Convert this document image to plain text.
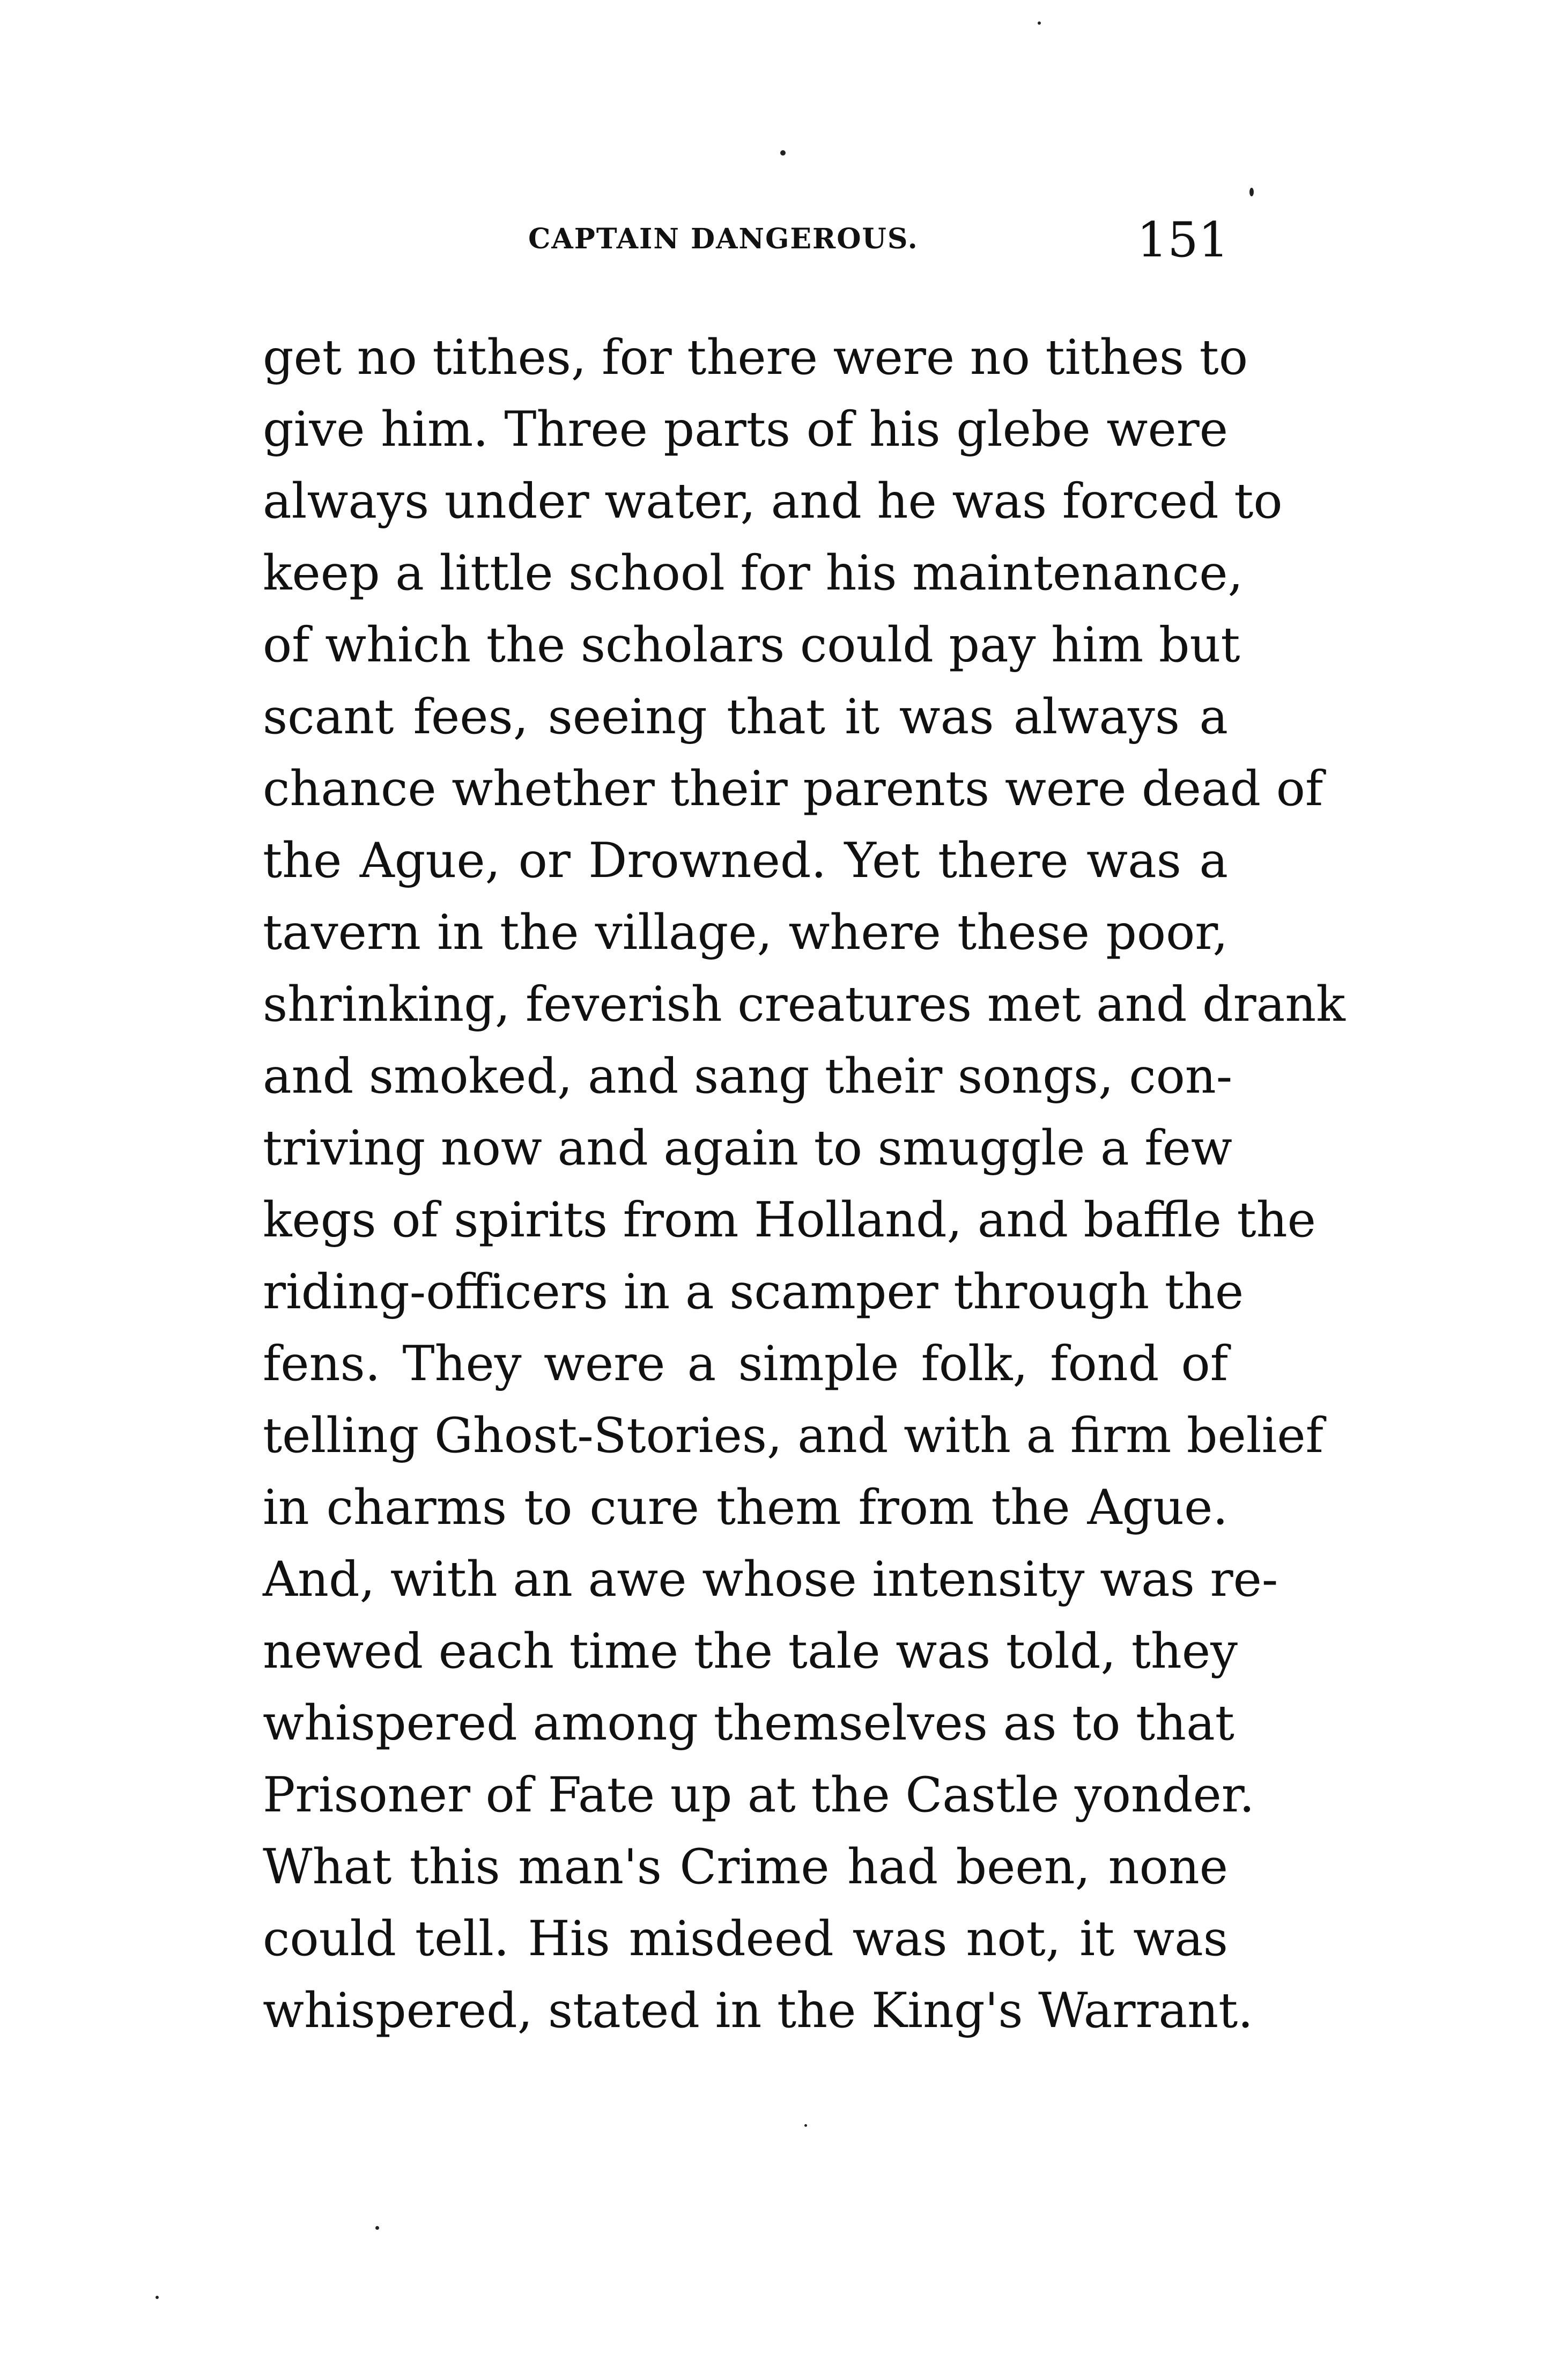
CAPTAIN DANGEROUS.	151
get no tithes, for there were no tithes to
give him. Three parts of his glebe were
always under water, and he was forced to
keep a little school for his maintenance,
of which the scholars could pay him but
scant fees, seeing that it was always a
chance whether their parents were dead of
the Ague, or Drowned. Yet there was a
tavern in the village, where these poor,
shrinking, feverish creatures met and drank
and smoked, and sang their songs, con-
triving now and again to smuggle a few
kegs of spirits from Holland, and baffle the
riding-officers in a scamper through the
fens. They were a simple folk, fond of
telling Ghost-Stories, and with a firm belief
in charms to cure them from the Ague.
And, with an awe whose intensity was re-
newed each time the tale was told, they
whispered among themselves as to that
Prisoner of Fate up at the Castle yonder.
What this man's Crime had been, none
could tell. His misdeed was not, it was
whispered, stated in the King's Warrant.
